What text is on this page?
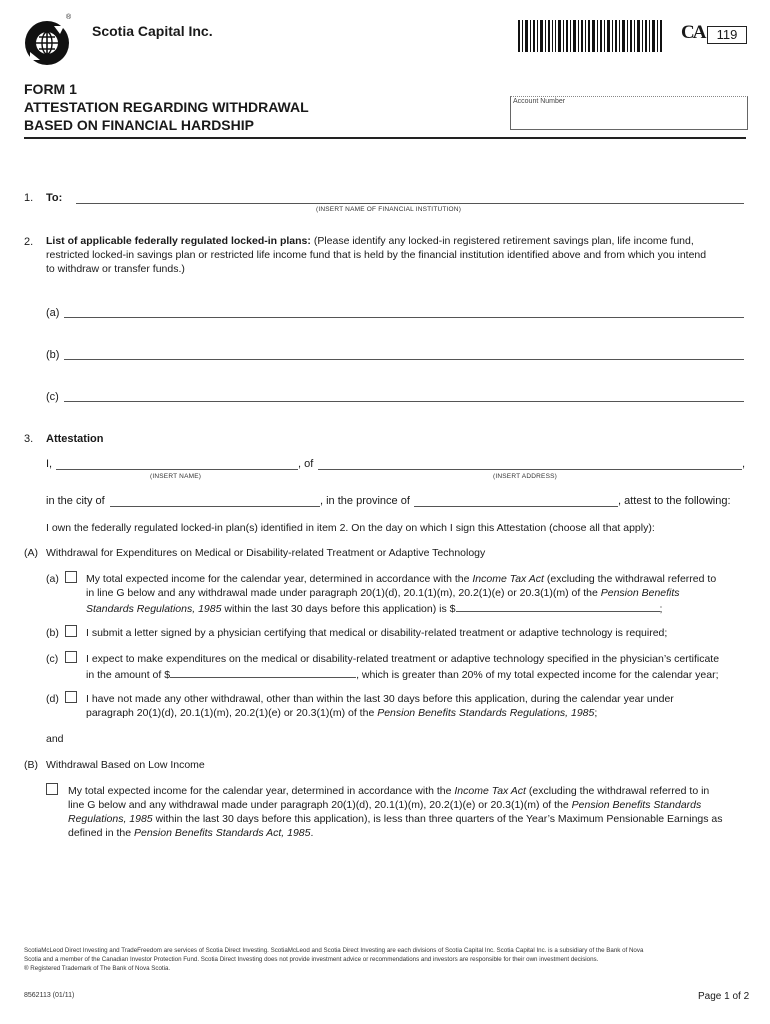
®
Scotia Capital Inc.	CA 119
FORM 1
ATTESTATION REGARDING WITHDRAWAL
BASED ON FINANCIAL HARDSHIP
Account Number
1. To:
(INSERT NAME OF FINANCIAL INSTITUTION)
2. List of applicable federally regulated locked-in plans: (Please identify any locked-in registered retirement savings plan, life income fund,
restricted locked-in savings plan or restricted life income fund that is held by the financial institution identified above and from which you intend
to withdraw or transfer funds.)
(a)
(b)
(c)
3. Attestation
I,	, of	,
(INSERT NAME)	(INSERT ADDRESS)
in the city of	, in the province of	, attest to the following:
I own the federally regulated locked-in plan(s) identified in item 2. On the day on which I sign this Attestation (choose all that apply):
(A) Withdrawal for Expenditures on Medical or Disability-related Treatment or Adaptive Technology
(a)	My total expected income for the calendar year, determined in accordance with the Income Tax Act (excluding the withdrawal referred to
in line G below and any withdrawal made under paragraph 20(1)(d), 20.1(1)(m), 20.2(1)(e) or 20.3(1)(m) of the Pension Benefits
Standards Regulations, 1985 within the last 30 days before this application) is $	;
(b)	I submit a letter signed by a physician certifying that medical or disability-related treatment or adaptive technology is required;
(c)	I expect to make expenditures on the medical or disability-related treatment or adaptive technology specified in the physician’s certificate
in the amount of $	, which is greater than 20% of my total expected income for the calendar year;
(d)	I have not made any other withdrawal, other than within the last 30 days before this application, during the calendar year under
paragraph 20(1)(d), 20.1(1)(m), 20.2(1)(e) or 20.3(1)(m) of the Pension Benefits Standards Regulations, 1985;
and
(B) Withdrawal Based on Low Income
My total expected income for the calendar year, determined in accordance with the Income Tax Act (excluding the withdrawal referred to in
line G below and any withdrawal made under paragraph 20(1)(d), 20.1(1)(m), 20.2(1)(e) or 20.3(1)(m) of the Pension Benefits Standards
Regulations, 1985 within the last 30 days before this application), is less than three quarters of the Year’s Maximum Pensionable Earnings as
defined in the Pension Benefits Standards Act, 1985.
ScotiaMcLeod Direct Investing and TradeFreedom are services of Scotia Direct Investing. ScotiaMcLeod and Scotia Direct Investing are each divisions of Scotia Capital Inc. Scotia Capital Inc. is a subsidiary of the Bank of Nova
Scotia and a member of the Canadian Investor Protection Fund. Scotia Direct Investing does not provide investment advice or recommendations and investors are responsible for their own investment decisions.
® Registered Trademark of The Bank of Nova Scotia.
8562113 (01/11)	Page 1 of 2
